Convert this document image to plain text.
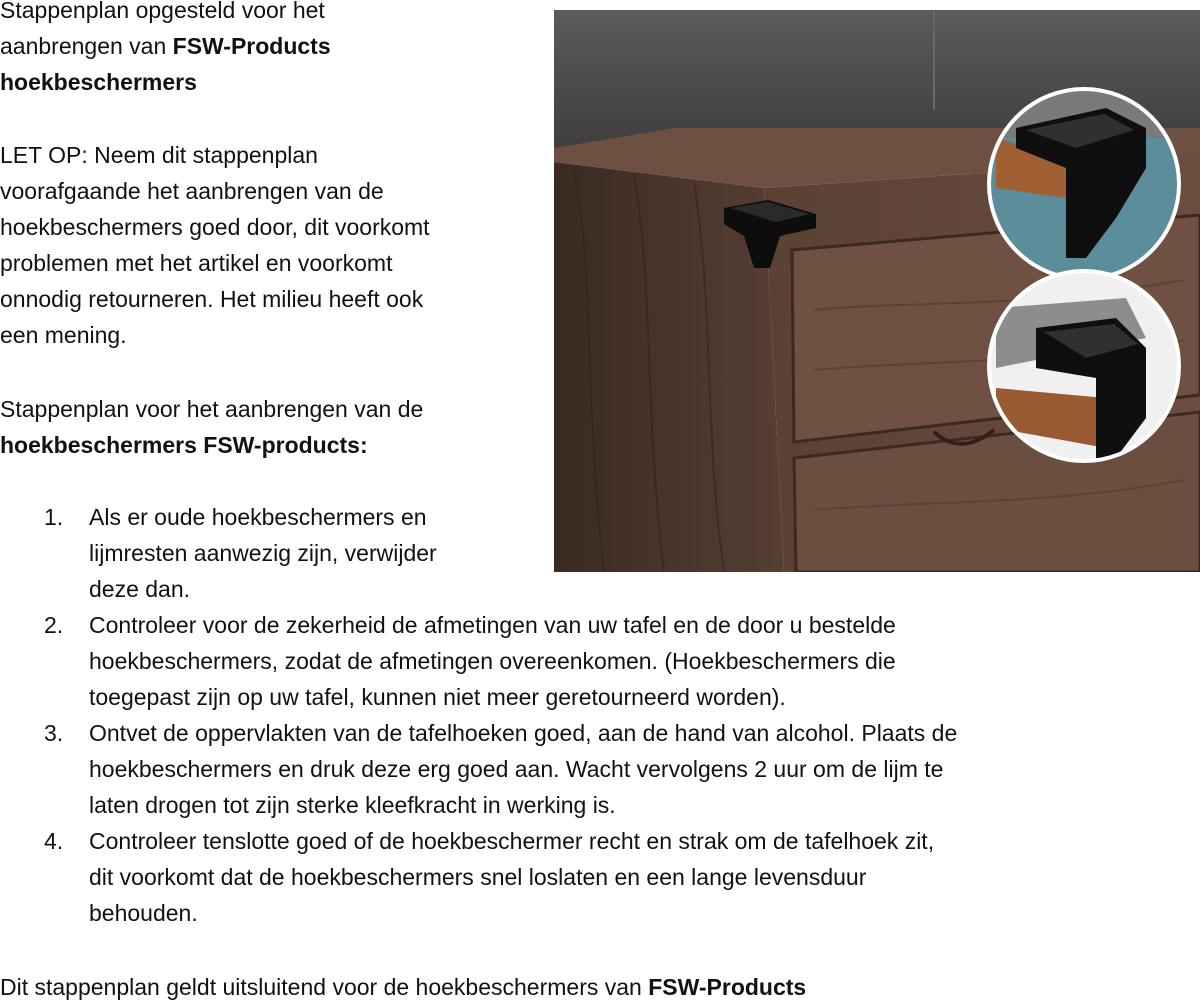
Stappenplan opgesteld voor het
aanbrengen van FSW-Products
hoekbeschermers
LET OP: Neem dit stappenplan
voorafgaande het aanbrengen van de
hoekbeschermers goed door, dit voorkomt
problemen met het artikel en voorkomt
onnodig retourneren. Het milieu heeft ook
een mening.
Stappenplan voor het aanbrengen van de
hoekbeschermers FSW-products:
1. Als er oude hoekbeschermers en
lijmresten aanwezig zijn, verwijder
deze dan.
2. Controleer voor de zekerheid de afmetingen van uw tafel en de door u bestelde
hoekbeschermers, zodat de afmetingen overeenkomen. (Hoekbeschermers die
toegepast zijn op uw tafel, kunnen niet meer geretourneerd worden).
3. Ontvet de oppervlakten van de tafelhoeken goed, aan de hand van alcohol. Plaats de
hoekbeschermers en druk deze erg goed aan. Wacht vervolgens 2 uur om de lijm te
laten drogen tot zijn sterke kleefkracht in werking is.
4. Controleer tenslotte goed of de hoekbeschermer recht en strak om de tafelhoek zit,
dit voorkomt dat de hoekbeschermers snel loslaten en een lange levensduur
behouden.
Dit stappenplan geldt uitsluitend voor de hoekbeschermers van FSW-Products
